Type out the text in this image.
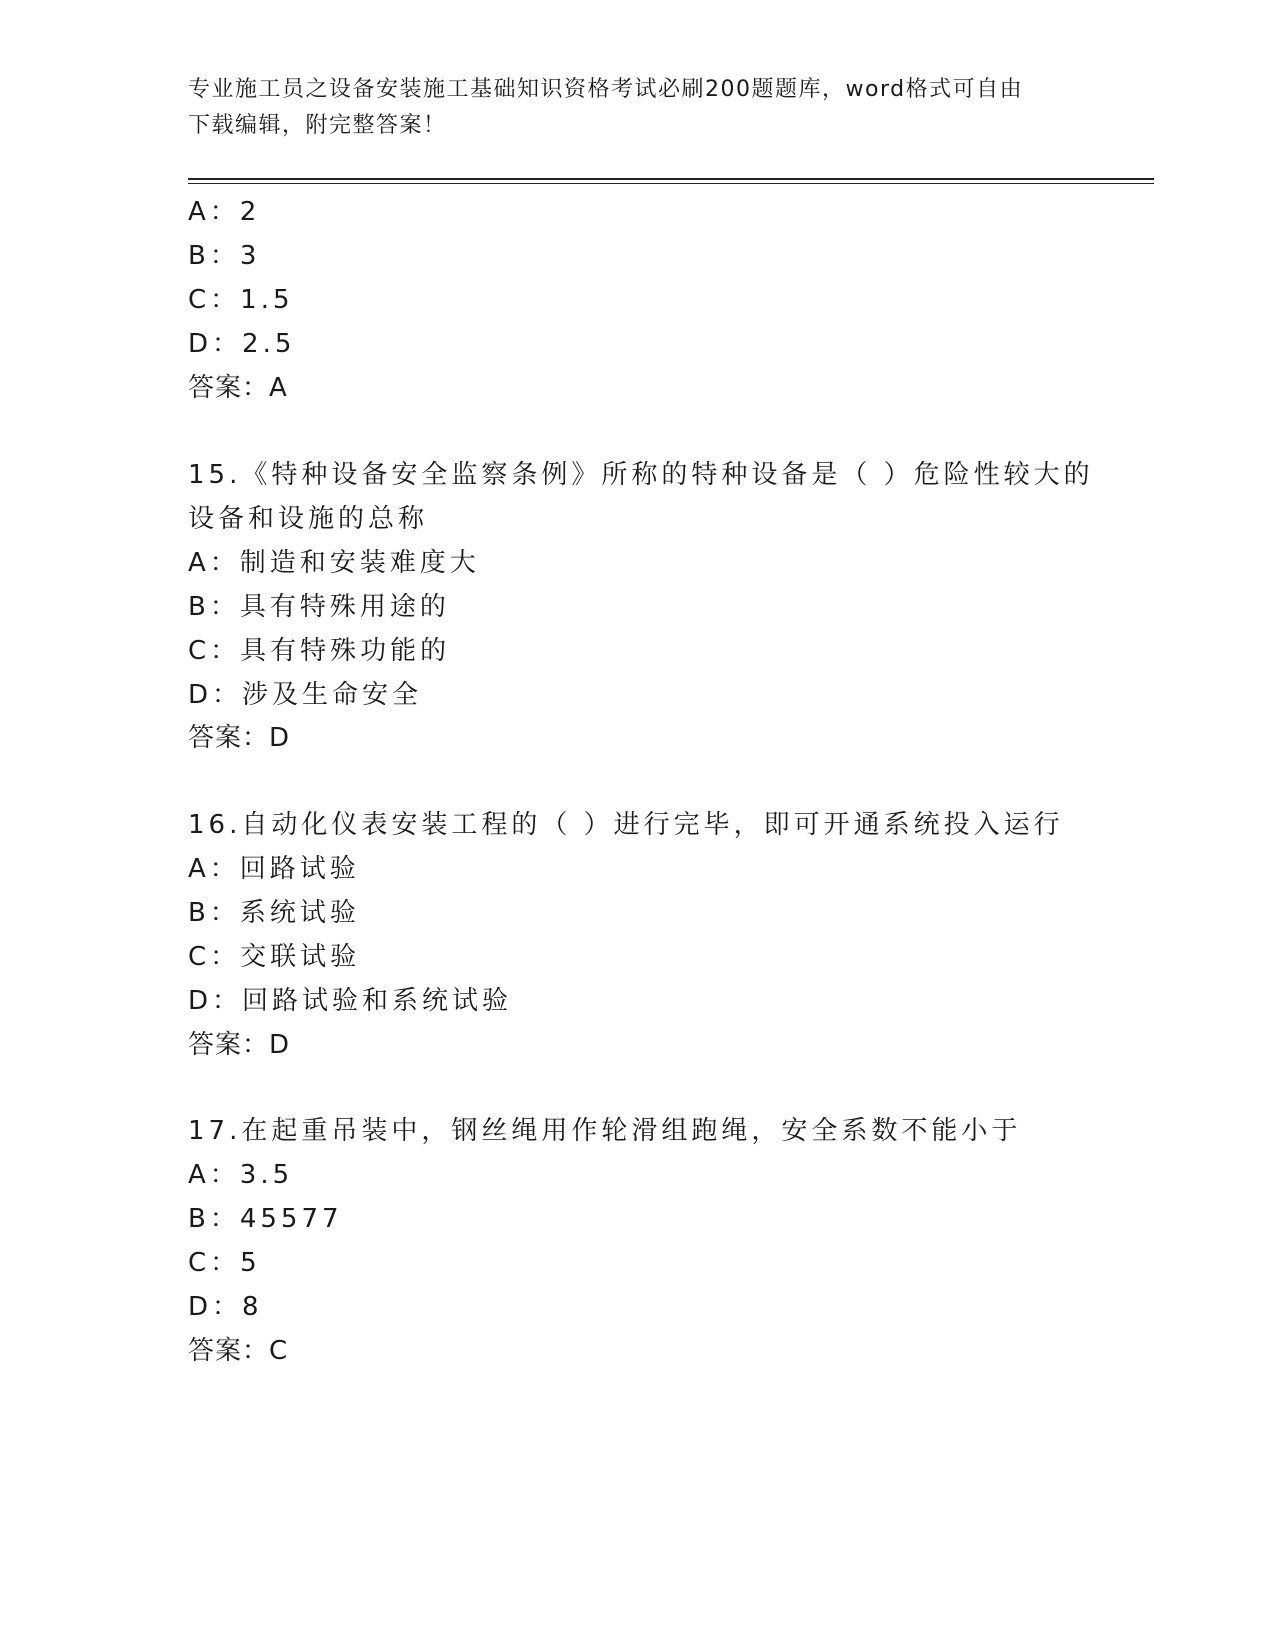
专业施工员之设备安装施工基础知识资格考试必刷200题题库，word格式可自由
下载编辑，附完整答案！
A：2
B：3
C：1.5
D：2.5
答案：A
15.《特种设备安全监察条例》所称的特种设备是（ ）危险性较大的
设备和设施的总称
A：制造和安装难度大
B：具有特殊用途的
C：具有特殊功能的
D：涉及生命安全
答案：D
16.自动化仪表安装工程的（ ）进行完毕，即可开通系统投入运行
A：回路试验
B：系统试验
C：交联试验
D：回路试验和系统试验
答案：D
17.在起重吊装中，钢丝绳用作轮滑组跑绳，安全系数不能小于
A：3.5
B：45577
C：5
D：8
答案：C
